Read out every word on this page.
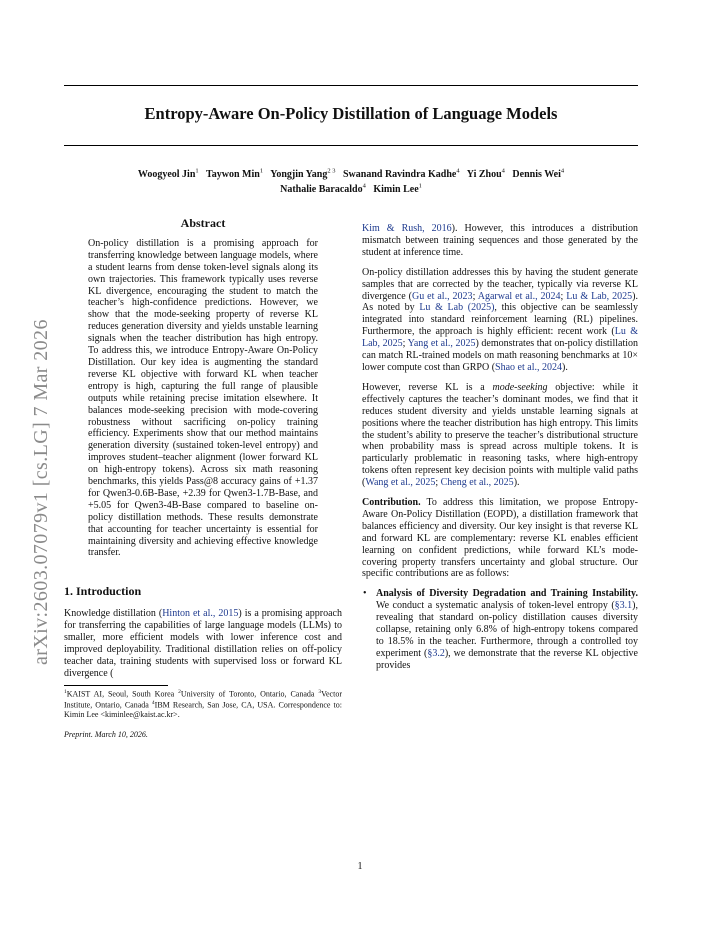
Entropy-Aware On-Policy Distillation of Language Models
Woogyeol Jin$^1$ Taywon Min$^1$ Yongjin Yang$^{2 3}$ Swanand Ravindra Kadhe$^4$ Yi Zhou$^4$ Dennis Wei$^4$
Nathalie Baracaldo$^4$ Kimin Lee$^1$
arXiv:2603.07079v1 [cs.LG] 7 Mar 2026

Abstract

On-policy distillation is a promising approach for transferring knowledge between language models, where a student learns from dense token-level signals along its own trajectories. This framework typically uses reverse KL divergence, encouraging the student to match the teacher’s high-confidence predictions. However, we show that the mode-seeking property of reverse KL reduces generation diversity and yields unstable learning signals when the teacher distribution has high entropy. To address this, we introduce Entropy-Aware On-Policy Distillation. Our key idea is augmenting the standard reverse KL objective with forward KL when teacher entropy is high, capturing the full range of plausible outputs while retaining precise imitation elsewhere. It balances mode-seeking precision with mode-covering robustness without sacrificing on-policy training efficiency. Experiments show that our method maintains generation diversity (sustained token-level entropy) and improves student–teacher alignment (lower forward KL on high-entropy tokens). Across six math reasoning benchmarks, this yields Pass@8 accuracy gains of +1.37 for Qwen3-0.6B-Base, +2.39 for Qwen3-1.7B-Base, and +5.05 for Qwen3-4B-Base compared to baseline on-policy distillation methods. These results demonstrate that accounting for teacher uncertainty is essential for maintaining diversity and achieving effective knowledge transfer.

1. Introduction

Knowledge distillation (Hinton et al., 2015) is a promising approach for transferring the capabilities of large language models (LLMs) to smaller, more efficient models with lower inference cost and improved deployability. Traditional distillation relies on off-policy teacher data, training students with supervised loss or forward KL divergence (

$^1$KAIST AI, Seoul, South Korea $^2$University of Toronto, Ontario, Canada $^3$Vector Institute, Ontario, Canada $^4$IBM Research, San Jose, CA, USA. Correspondence to: Kimin Lee <kiminlee@kaist.ac.kr>.

Preprint. March 10, 2026.

Kim & Rush, 2016). However, this introduces a distribution mismatch between training sequences and those generated by the student at inference time.

On-policy distillation addresses this by having the student generate samples that are corrected by the teacher, typically via reverse KL divergence (Gu et al., 2023; Agarwal et al., 2024; Lu & Lab, 2025). As noted by Lu & Lab (2025), this objective can be seamlessly integrated into standard reinforcement learning (RL) pipelines. Furthermore, the approach is highly efficient: recent work (Lu & Lab, 2025; Yang et al., 2025) demonstrates that on-policy distillation can match RL-trained models on math reasoning benchmarks at 10× lower compute cost than GRPO (Shao et al., 2024).

However, reverse KL is a mode-seeking objective: while it effectively captures the teacher’s dominant modes, we find that it reduces student diversity and yields unstable learning signals at positions where the teacher distribution has high entropy. This limits the student’s ability to preserve the teacher’s distributional structure when probability mass is spread across multiple tokens. It is particularly problematic in reasoning tasks, where high-entropy tokens often represent key decision points with multiple valid paths (Wang et al., 2025; Cheng et al., 2025).

Contribution. To address this limitation, we propose Entropy-Aware On-Policy Distillation (EOPD), a distillation framework that balances efficiency and diversity. Our key insight is that reverse KL and forward KL are complementary: reverse KL enables efficient learning on confident predictions, while forward KL’s mode-covering property transfers uncertainty and global structure. Our specific contributions are as follows:

• Analysis of Diversity Degradation and Training Instability. We conduct a systematic analysis of token-level entropy (§3.1), revealing that standard on-policy distillation causes diversity collapse, retaining only 6.8% of high-entropy tokens compared to 18.5% in the teacher. Furthermore, through a controlled toy experiment (§3.2), we demonstrate that the reverse KL objective provides

1
